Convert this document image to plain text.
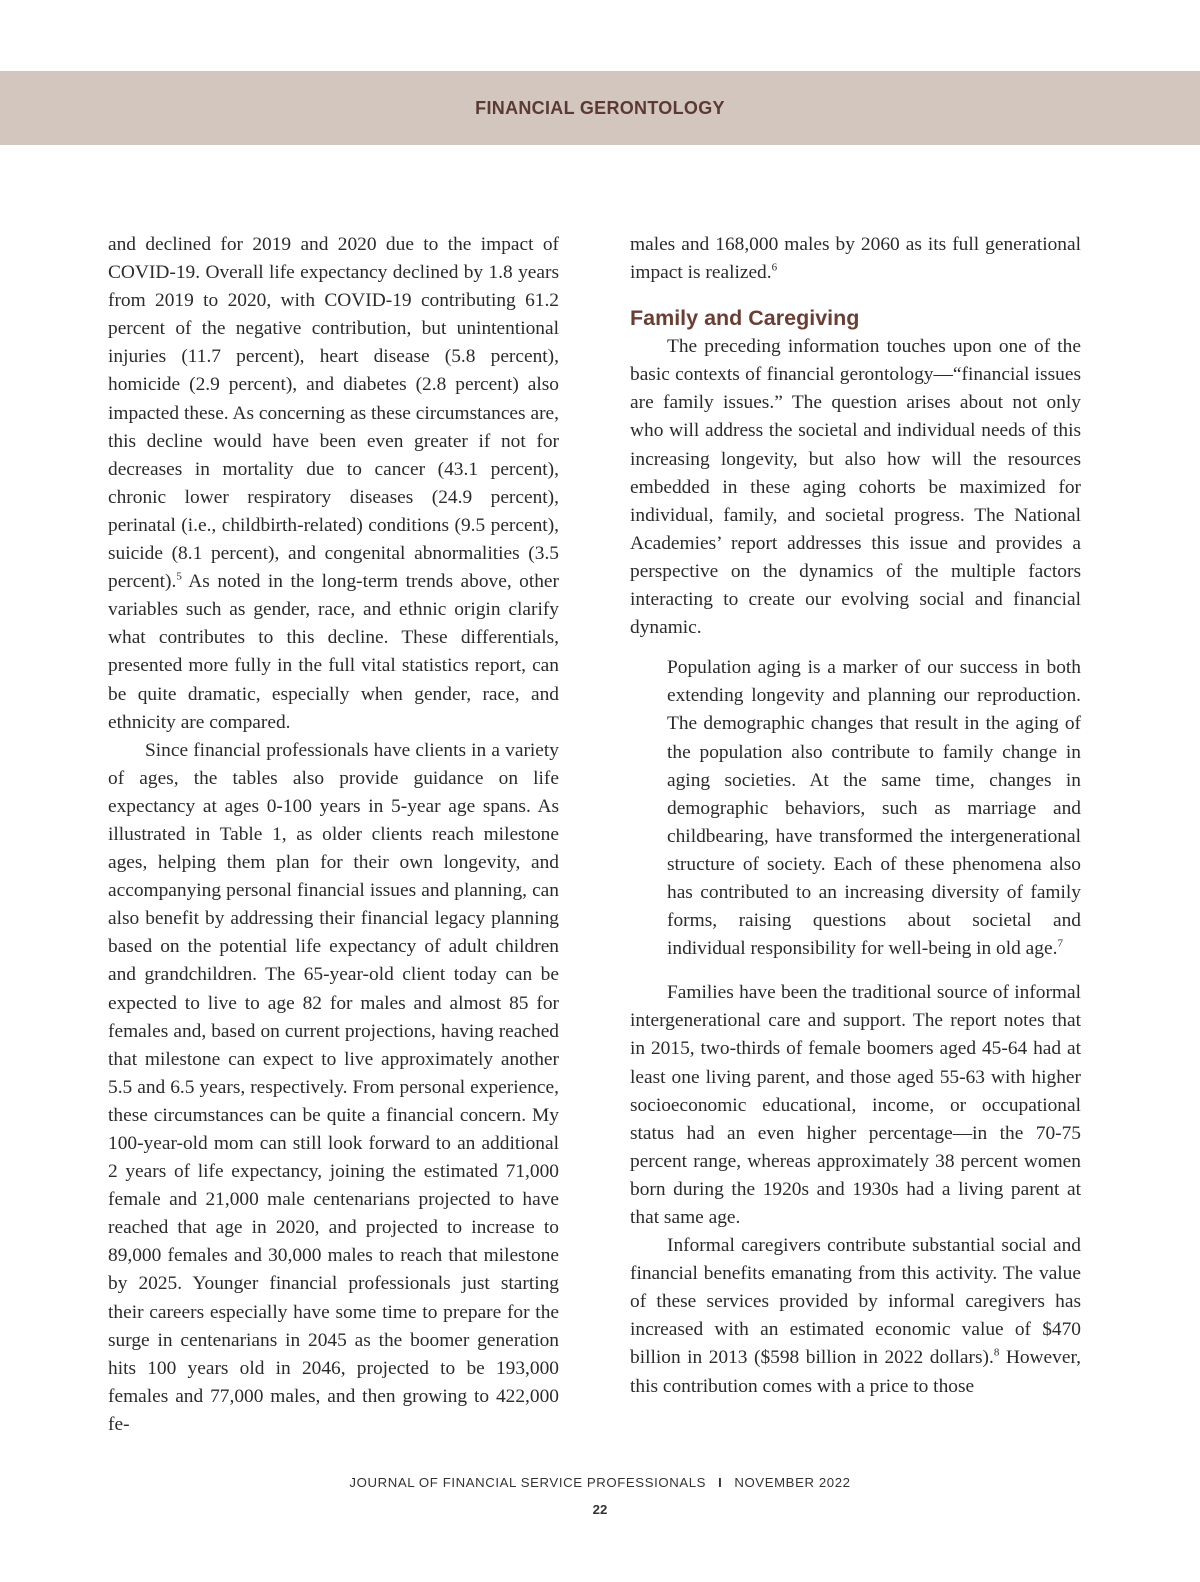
FINANCIAL GERONTOLOGY

and declined for 2019 and 2020 due to the impact of COVID-19. Overall life expectancy declined by 1.8 years from 2019 to 2020, with COVID-19 contributing 61.2 percent of the negative contribution, but unintentional injuries (11.7 percent), heart disease (5.8 percent), homicide (2.9 percent), and diabetes (2.8 percent) also impacted these. As concerning as these circumstances are, this decline would have been even greater if not for decreases in mortality due to cancer (43.1 percent), chronic lower respiratory diseases (24.9 percent), perinatal (i.e., childbirth-related) conditions (9.5 percent), suicide (8.1 percent), and congenital abnormalities (3.5 percent).$^5$ As noted in the long-term trends above, other variables such as gender, race, and ethnic origin clarify what contributes to this decline. These differentials, presented more fully in the full vital statistics report, can be quite dramatic, especially when gender, race, and ethnicity are compared.

Since financial professionals have clients in a variety of ages, the tables also provide guidance on life expectancy at ages 0-100 years in 5-year age spans. As illustrated in Table 1, as older clients reach milestone ages, helping them plan for their own longevity, and accompanying personal financial issues and planning, can also benefit by addressing their financial legacy planning based on the potential life expectancy of adult children and grandchildren. The 65-year-old client today can be expected to live to age 82 for males and almost 85 for females and, based on current projections, having reached that milestone can expect to live approximately another 5.5 and 6.5 years, respectively. From personal experience, these circumstances can be quite a financial concern. My 100-year-old mom can still look forward to an additional 2 years of life expectancy, joining the estimated 71,000 female and 21,000 male centenarians projected to have reached that age in 2020, and projected to increase to 89,000 females and 30,000 males to reach that milestone by 2025. Younger financial professionals just starting their careers especially have some time to prepare for the surge in centenarians in 2045 as the boomer generation hits 100 years old in 2046, projected to be 193,000 females and 77,000 males, and then growing to 422,000 fe-

males and 168,000 males by 2060 as its full generational impact is realized.$^6$

Family and Caregiving

The preceding information touches upon one of the basic contexts of financial gerontology—“financial issues are family issues.” The question arises about not only who will address the societal and individual needs of this increasing longevity, but also how will the resources embedded in these aging cohorts be maximized for individual, family, and societal progress. The National Academies’ report addresses this issue and provides a perspective on the dynamics of the multiple factors interacting to create our evolving social and financial dynamic.

Population aging is a marker of our success in both extending longevity and planning our reproduction. The demographic changes that result in the aging of the population also contribute to family change in aging societies. At the same time, changes in demographic behaviors, such as marriage and childbearing, have transformed the intergenerational structure of society. Each of these phenomena also has contributed to an increasing diversity of family forms, raising questions about societal and individual responsibility for well-being in old age.$^7$

Families have been the traditional source of informal intergenerational care and support. The report notes that in 2015, two-thirds of female boomers aged 45-64 had at least one living parent, and those aged 55-63 with higher socioeconomic educational, income, or occupational status had an even higher percentage—in the 70-75 percent range, whereas approximately 38 percent women born during the 1920s and 1930s had a living parent at that same age.

Informal caregivers contribute substantial social and financial benefits emanating from this activity. The value of these services provided by informal caregivers has increased with an estimated economic value of $470 billion in 2013 ($598 billion in 2022 dollars).$^8$ However, this contribution comes with a price to those

JOURNAL OF FINANCIAL SERVICE PROFESSIONALS I NOVEMBER 2022
22
